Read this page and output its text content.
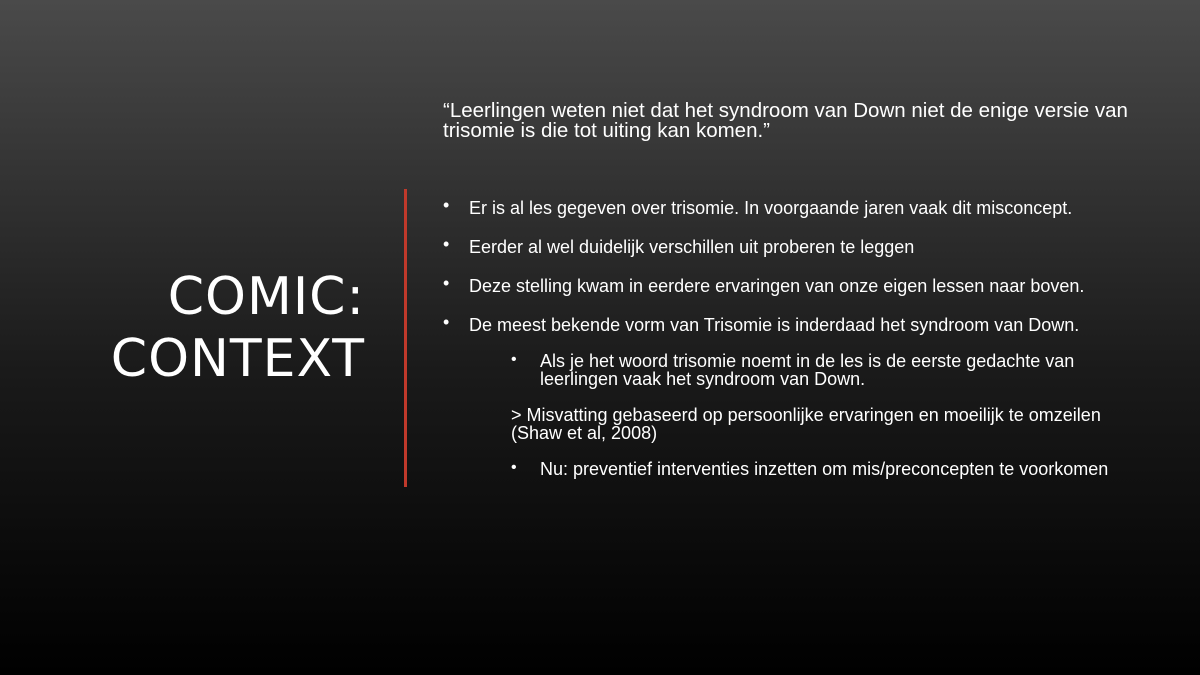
COMIC:
CONTEXT

“Leerlingen weten niet dat het syndroom van Down niet de enige versie van trisomie is die tot uiting kan komen.”

• Er is al les gegeven over trisomie. In voorgaande jaren vaak dit misconcept.

• Eerder al wel duidelijk verschillen uit proberen te leggen

• Deze stelling kwam in eerdere ervaringen van onze eigen lessen naar boven.

• De meest bekende vorm van Trisomie is inderdaad het syndroom van Down.

• Als je het woord trisomie noemt in de les is de eerste gedachte van leerlingen vaak het syndroom van Down.

> Misvatting gebaseerd op persoonlijke ervaringen en moeilijk te omzeilen (Shaw et al, 2008)

• Nu: preventief interventies inzetten om mis/preconcepten te voorkomen
